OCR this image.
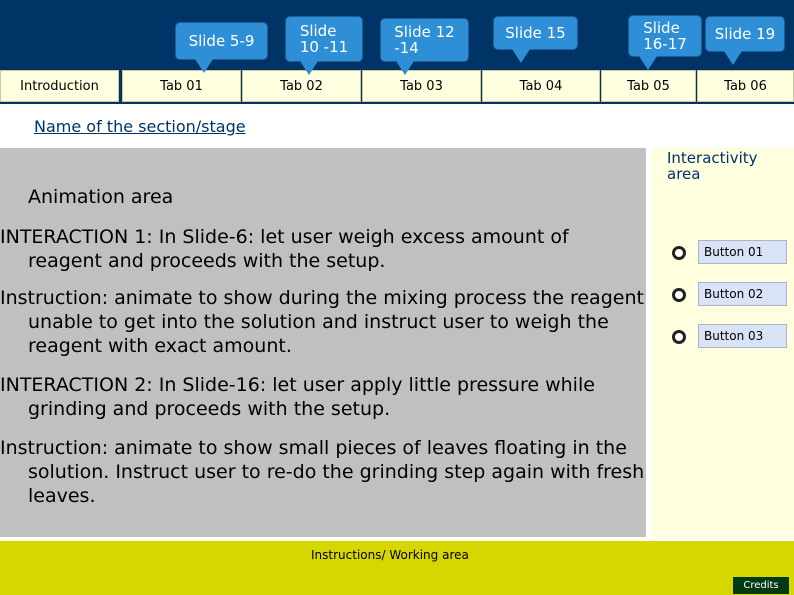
Introduction	Tab 01	Tab 02	Tab 03	Tab 04	Tab 05	Tab 06
Slide 5-9
Slide
10 -11
Slide 12
-14
Slide 15	Slide
16-17
Slide 19
Name of the section/stage
Animation area
INTERACTION 1: In Slide-6: let user weigh excess amount of reagent and proceeds with the setup.
Instruction: animate to show during the mixing process the reagent unable to get into the solution and instruct user to weigh the reagent with exact amount.
INTERACTION 2: In Slide-16: let user apply little pressure while grinding and proceeds with the setup.
Instruction: animate to show small pieces of leaves floating in the solution. Instruct user to re-do the grinding step again with fresh leaves.
Interactivity
area
Button 01
Button 02
Button 03
Instructions/ Working area
Credits
